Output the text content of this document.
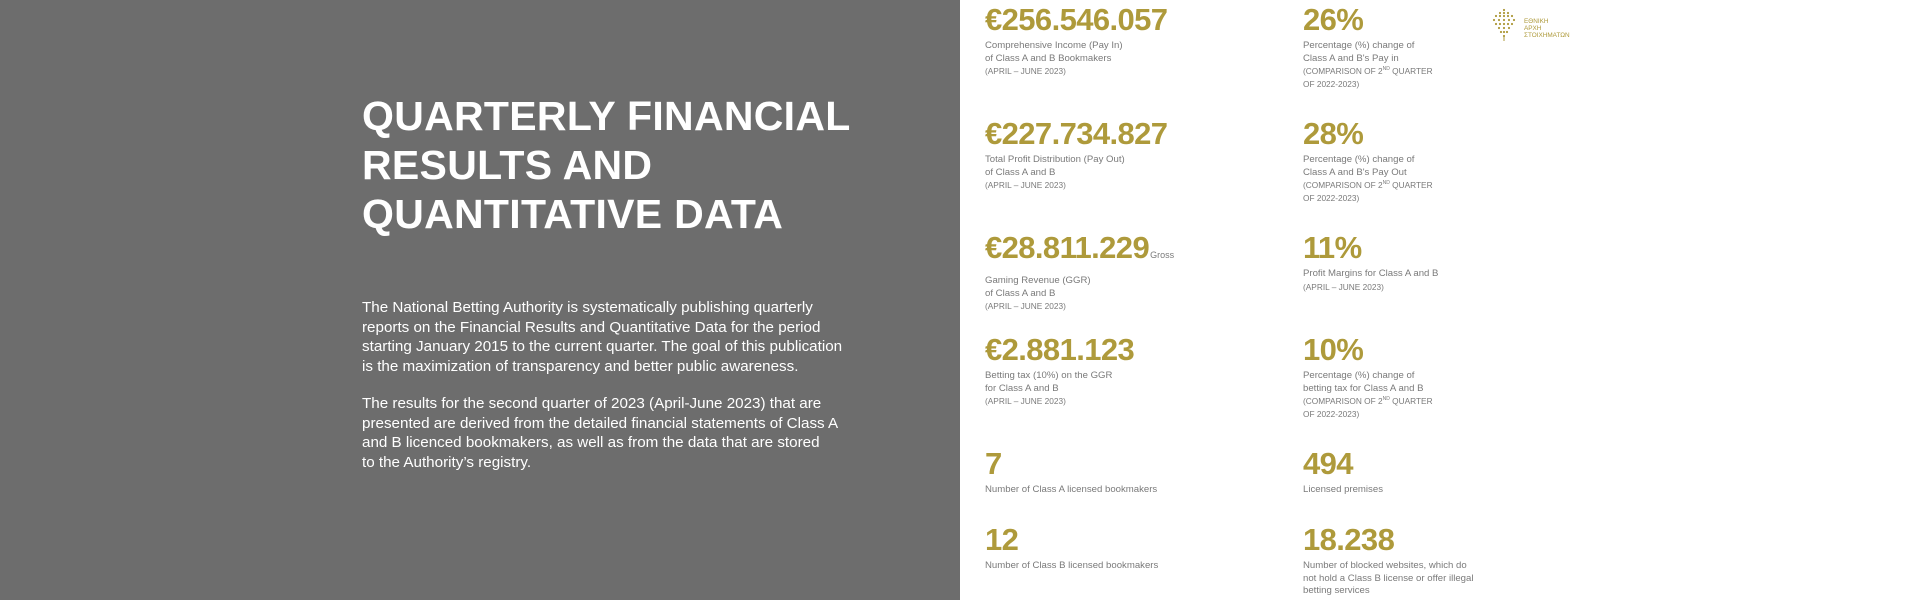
QUARTERLY FINANCIAL
RESULTS AND
QUANTITATIVE DATA
The National Betting Authority is systematically publishing quarterly
reports on the Financial Results and Quantitative Data for the period
starting January 2015 to the current quarter. The goal of this publication
is the maximization of transparency and better public awareness.
The results for the second quarter of 2023 (April-June 2023) that are
presented are derived from the detailed financial statements of Class A
and B licenced bookmakers, as well as from the data that are stored
to the Authority’s registry.
€256.546.057
Comprehensive Income (Pay In)
of Class A and B Bookmakers
(APRIL – JUNE 2023)
26%
Percentage (%) change of
Class A and B's Pay in
(COMPARISON OF 2ND QUARTER
OF 2022-2023)
ΕΘΝΙΚΗ
ΑΡΧΗ
ΣΤΟΙΧΗΜΑΤΩΝ
€227.734.827
Total Profit Distribution (Pay Out)
of Class A and B
(APRIL – JUNE 2023)
28%
Percentage (%) change of
Class A and B's Pay Out
(COMPARISON OF 2ND QUARTER
OF 2022-2023)
€28.811.229Gross
Gaming Revenue (GGR)
of Class A and B
(APRIL – JUNE 2023)
11%
Profit Margins for Class A and B
(APRIL – JUNE 2023)
€2.881.123
Betting tax (10%) on the GGR
for Class A and B
(APRIL – JUNE 2023)
10%
Percentage (%) change of
betting tax for Class A and B
(COMPARISON OF 2ND QUARTER
OF 2022-2023)
7
Number of Class A licensed bookmakers
494
Licensed premises
12
Number of Class B licensed bookmakers
18.238
Number of blocked websites, which do
not hold a Class B license or offer illegal
betting services
